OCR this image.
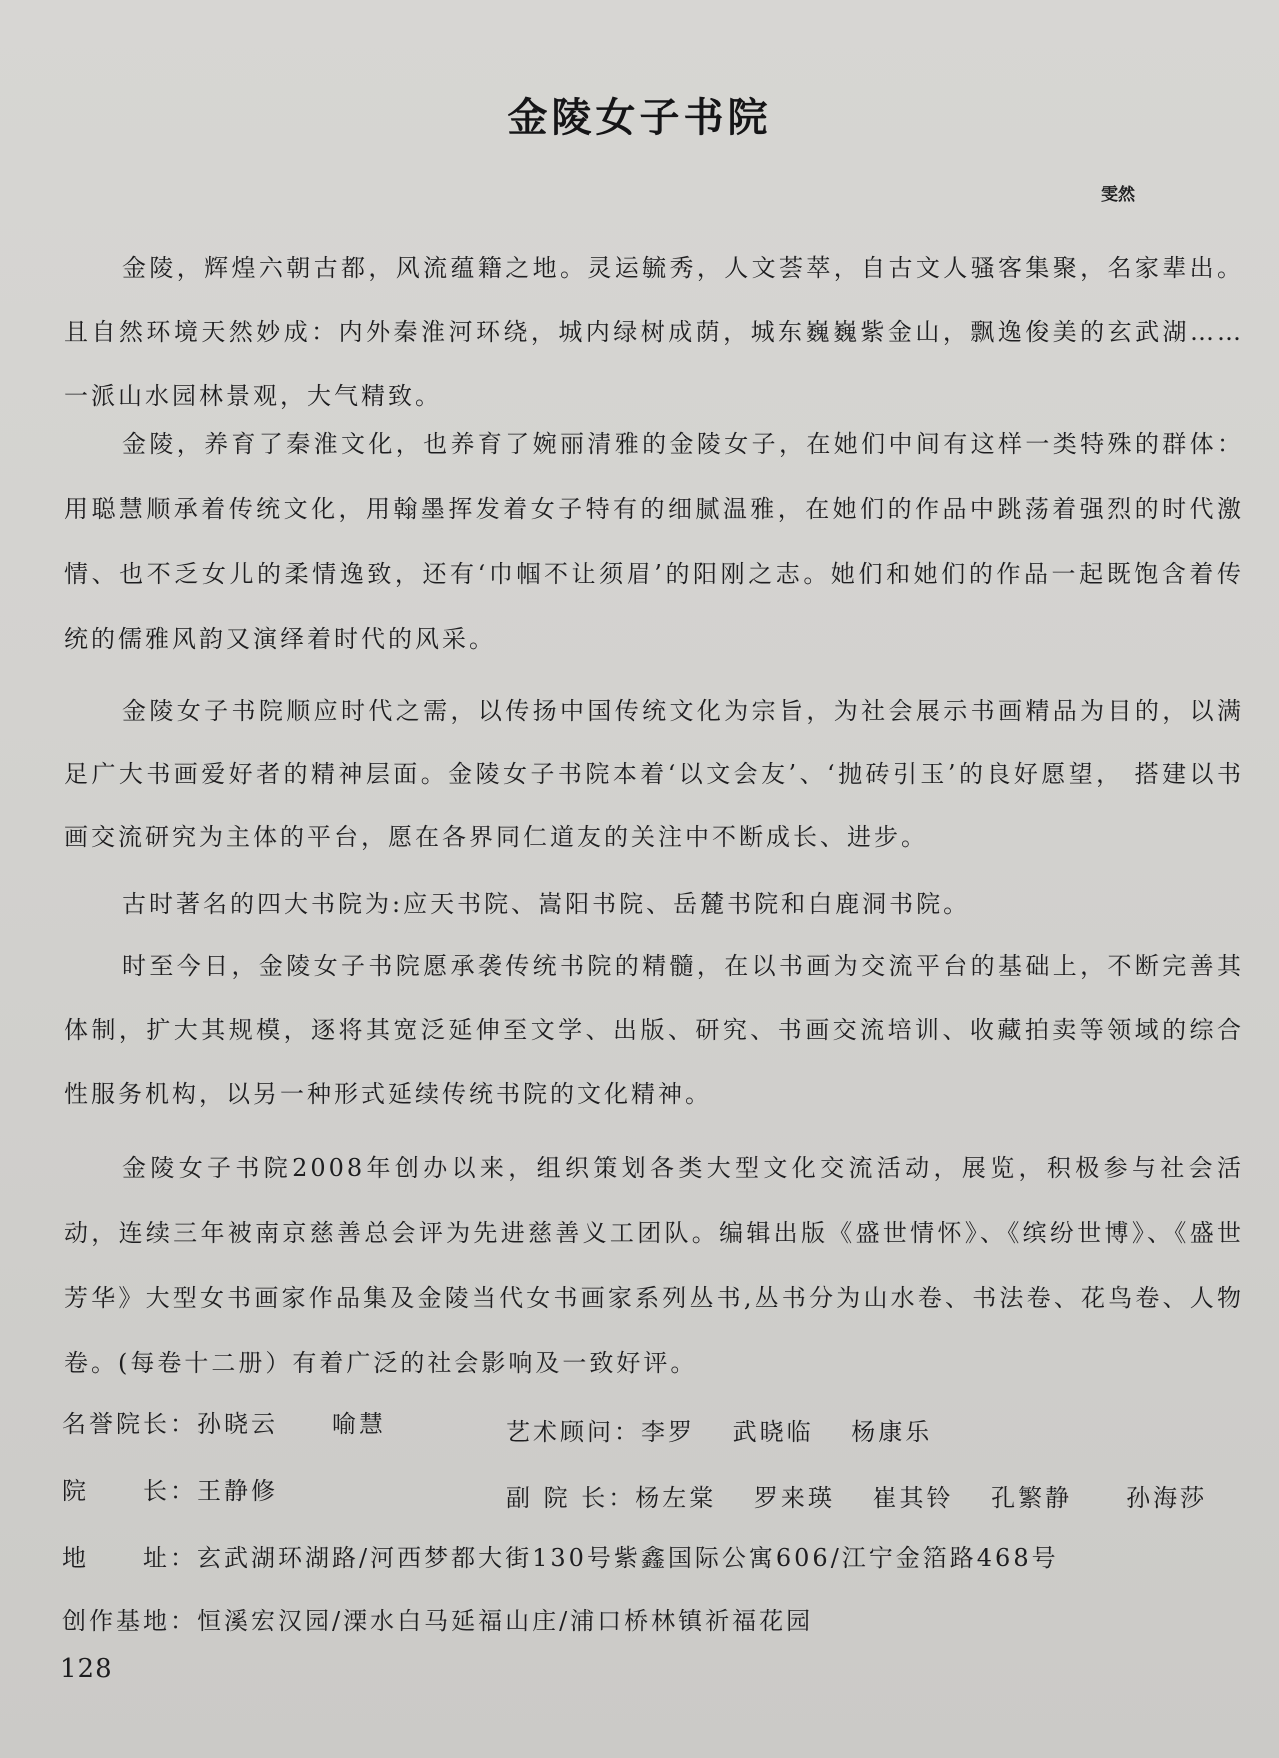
金陵女子书院
雯然
金陵，辉煌六朝古都，风流蕴籍之地。灵运毓秀，人文荟萃，自古文人骚客集聚，名家辈出。且自然环境天然妙成：内外秦淮河环绕，城内绿树成荫，城东巍巍紫金山，飘逸俊美的玄武湖……一派山水园林景观，大气精致。
金陵，养育了秦淮文化，也养育了婉丽清雅的金陵女子，在她们中间有这样一类特殊的群体：用聪慧顺承着传统文化，用翰墨挥发着女子特有的细腻温雅，在她们的作品中跳荡着强烈的时代激情、也不乏女儿的柔情逸致，还有‘巾帼不让须眉’的阳刚之志。她们和她们的作品一起既饱含着传统的儒雅风韵又演绎着时代的风采。
金陵女子书院顺应时代之需，以传扬中国传统文化为宗旨，为社会展示书画精品为目的，以满足广大书画爱好者的精神层面。金陵女子书院本着‘以文会友’、‘抛砖引玉’的良好愿望， 搭建以书画交流研究为主体的平台，愿在各界同仁道友的关注中不断成长、进步。
古时著名的四大书院为:应天书院、嵩阳书院、岳麓书院和白鹿洞书院。
时至今日，金陵女子书院愿承袭传统书院的精髓，在以书画为交流平台的基础上，不断完善其体制，扩大其规模，逐将其宽泛延伸至文学、出版、研究、书画交流培训、收藏拍卖等领域的综合性服务机构，以另一种形式延续传统书院的文化精神。
金陵女子书院2008年创办以来，组织策划各类大型文化交流活动，展览，积极参与社会活动，连续三年被南京慈善总会评为先进慈善义工团队。编辑出版《盛世情怀》、《缤纷世博》、《盛世芳华》大型女书画家作品集及金陵当代女书画家系列丛书,丛书分为山水卷、书法卷、花鸟卷、人物卷。(每卷十二册）有着广泛的社会影响及一致好评。
名誉院长：孙晓云　　喻慧	艺术顾问：李罗　 武晓临　 杨康乐
院　　长：王静修	副 院 长：杨左棠　 罗来瑛　 崔其铃　 孔繁静　　孙海莎
地　　址：玄武湖环湖路/河西梦都大街130号紫鑫国际公寓606/江宁金箔路468号
创作基地：恒溪宏汉园/溧水白马延福山庄/浦口桥林镇祈福花园
128
